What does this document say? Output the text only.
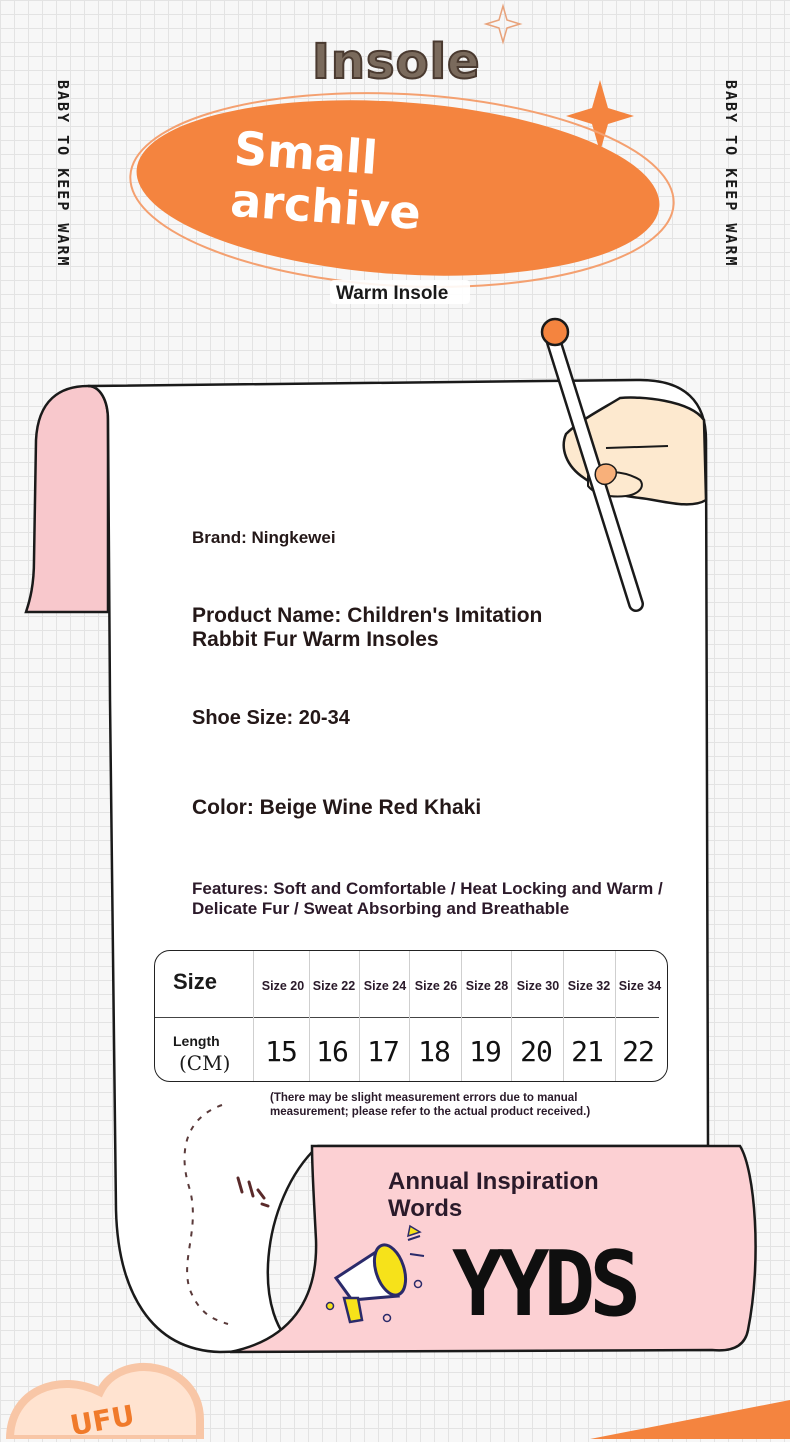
BABY TO KEEP WARM	BABY TO KEEP WARM
Insole
Small archive
Warm Insole
Brand: Ningkewei
Product Name: Children's Imitation Rabbit Fur Warm Insoles
Shoe Size: 20-34
Color: Beige Wine Red Khaki
Features: Soft and Comfortable / Heat Locking and Warm / Delicate Fur / Sweat Absorbing and Breathable
Size
Length
(CM)
Size 20 Size 22 Size 24 Size 26 Size 28 Size 30 Size 32 Size 34
15 16 17 18 19 20 21 22
(There may be slight measurement errors due to manual measurement; please refer to the actual product received.)
Annual Inspiration Words
YYDS
UFU
